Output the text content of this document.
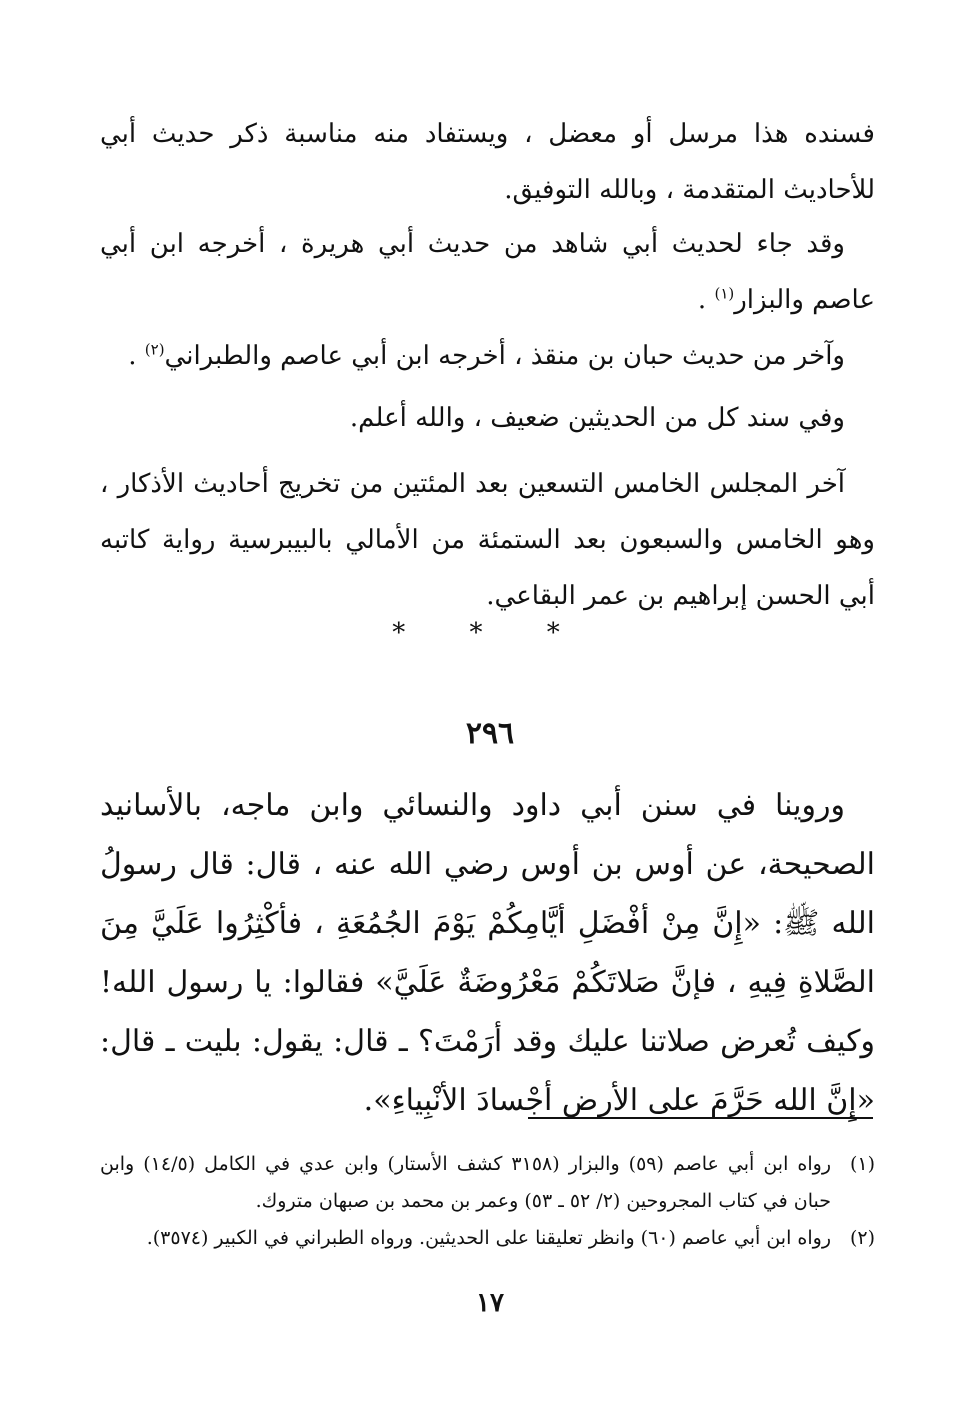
فسنده هذا مرسل أو معضل ، ويستفاد منه مناسبة ذكر حديث أبي للأحاديث المتقدمة ، وبالله التوفيق.

وقد جاء لحديث أبي شاهد من حديث أبي هريرة ، أخرجه ابن أبي عاصم والبزار$^{(١)}$ .

وآخر من حديث حبان بن منقذ ، أخرجه ابن أبي عاصم والطبراني$^{(٢)}$ .

وفي سند كل من الحديثين ضعيف ، والله أعلم.

آخر المجلس الخامس التسعين بعد المئتين من تخريج أحاديث الأذكار ، وهو الخامس والسبعون بعد الستمئة من الأمالي بالبيبرسية رواية كاتبه أبي الحسن إبراهيم بن عمر البقاعي.

* * *
٢٩٦

وروينا في سنن أبي داود والنسائي وابن ماجه، بالأسانيد الصحيحة، عن أوس بن أوس رضي الله عنه ، قال: قال رسولُ الله ﷺ: «إِنَّ مِنْ أفْضَلِ أيَّامِكُمْ يَوْمَ الجُمُعَةِ ، فأكْثِرُوا عَلَيَّ مِنَ الصَّلاةِ فِيهِ ، فإنَّ صَلاتَكُمْ مَعْرُوضَةٌ عَلَيَّ» فقالوا: يا رسول الله! وكيف تُعرض صلاتنا عليك وقد أرَمْتَ؟ ـ قال: يقول: بليت ـ قال: «إِنَّ الله حَرَّمَ على الأرض أجْسادَ الأنْبِياءِ».

(١)
رواه ابن أبي عاصم (٥٩) والبزار (٣١٥٨ كشف الأستار) وابن عدي في الكامل (١٤/٥) وابن حبان في كتاب المجروحين (٢/ ٥٢ ـ ٥٣) وعمر بن محمد بن صبهان متروك.
(٢)
رواه ابن أبي عاصم (٦٠) وانظر تعليقنا على الحديثين. ورواه الطبراني في الكبير (٣٥٧٤).
١٧
